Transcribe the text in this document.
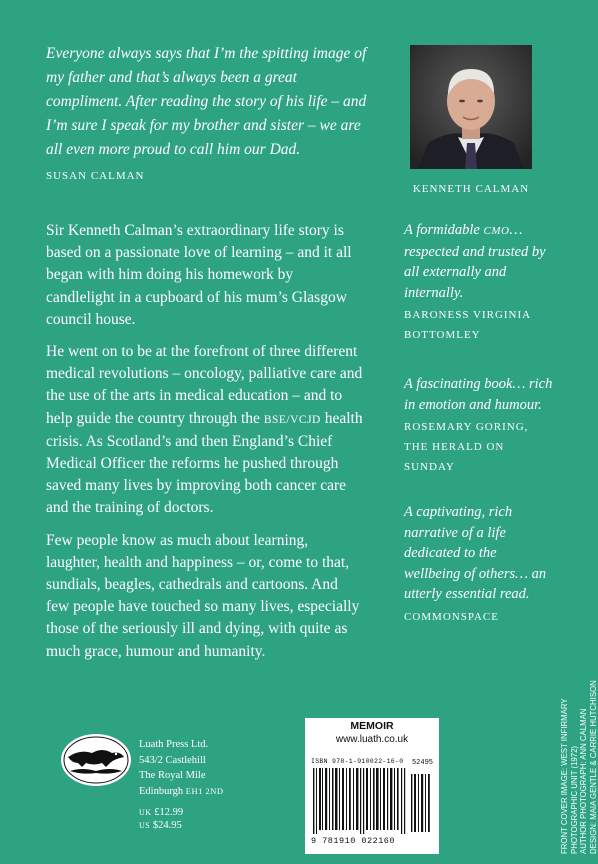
Everyone always says that I’m the spitting image of my father and that’s always been a great compliment. After reading the story of his life – and I’m sure I speak for my brother and sister – we are all even more proud to call him our Dad.
SUSAN CALMAN
KENNETH CALMAN

Sir Kenneth Calman’s extraordinary life story is based on a passionate love of learning – and it all began with him doing his homework by candlelight in a cupboard of his mum’s Glasgow council house.

He went on to be at the forefront of three different medical revolutions – oncology, palliative care and the use of the arts in medical education – and to help guide the country through the BSE/VCJD health crisis. As Scotland’s and then England’s Chief Medical Officer the reforms he pushed through saved many lives by improving both cancer care and the training of doctors.

Few people know as much about learning, laughter, health and happiness – or, come to that, sundials, beagles, cathedrals and cartoons. And few people have touched so many lives, especially those of the seriously ill and dying, with quite as much grace, humour and humanity.

A formidable CMO… respected and trusted by all externally and internally.
BARONESS VIRGINIA BOTTOMLEY
A fascinating book… rich in emotion and humour.
ROSEMARY GORING, THE HERALD ON SUNDAY
A captivating, rich narrative of a life dedicated to the wellbeing of others… an utterly essential read.
COMMONSPACE
Luath Press Ltd.
543/2 Castlehill
The Royal Mile
Edinburgh EH1 2ND
UK £12.99
US $24.95
MEMOIR
www.luath.co.uk
ISBN 978-1-910022-16-0 52495
9 781910 022160	FRONT COVER IMAGE: WEST INFIRMARY PHOTOGRAPHIC UNIT (1972) AUTHOR PHOTOGRAPH: ANN CALMAN DESIGN: MAIA GENTLE & CARRIE HUTCHISON
